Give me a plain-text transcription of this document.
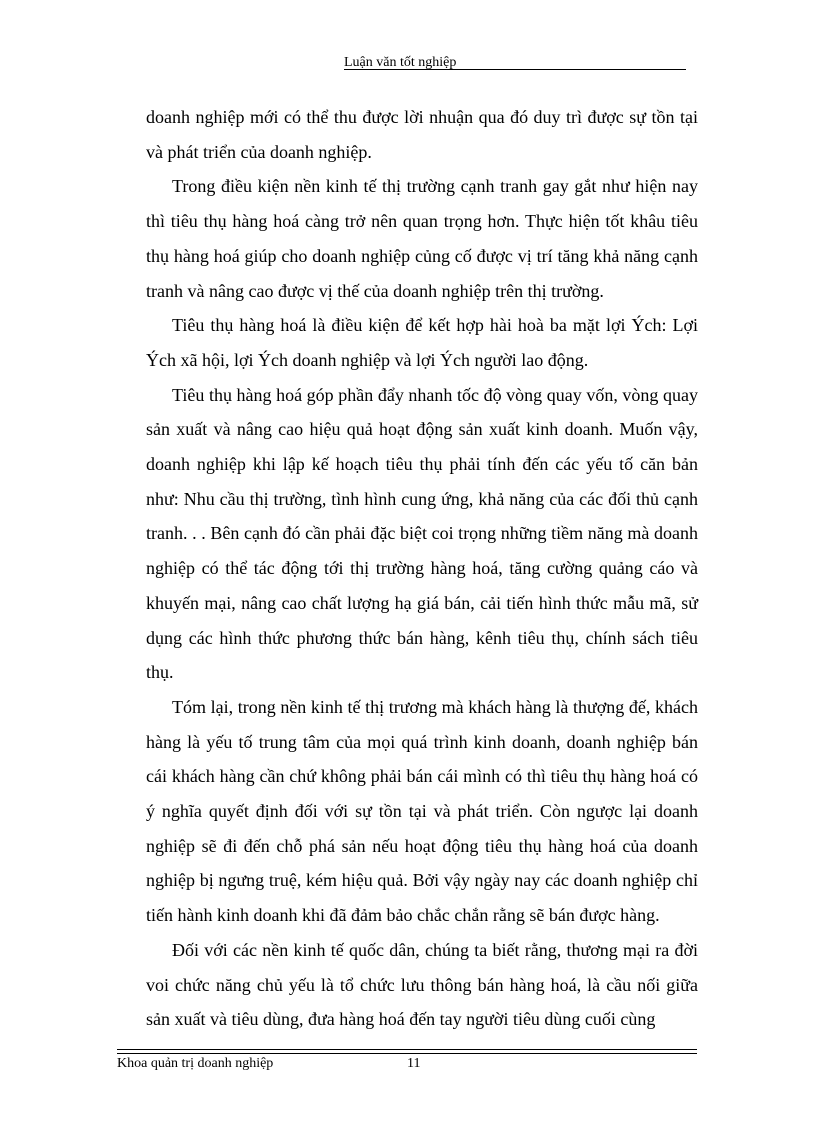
Luận văn tốt nghiệp

doanh nghiệp mới có thể thu được lời nhuận qua đó duy trì được sự tồn tại và phát triển của doanh nghiệp.

Trong điều kiện nền kinh tế thị trường cạnh tranh gay gắt như hiện nay thì tiêu thụ hàng hoá càng trở nên quan trọng hơn. Thực hiện tốt khâu tiêu thụ hàng hoá giúp cho doanh nghiệp củng cố được vị trí tăng khả năng cạnh tranh và nâng cao được vị thế của doanh nghiệp trên thị trường.

Tiêu thụ hàng hoá là điều kiện để kết hợp hài hoà ba mặt lợi Ých: Lợi Ých xã hội, lợi Ých doanh nghiệp và lợi Ých người lao động.

Tiêu thụ hàng hoá góp phần đẩy nhanh tốc độ vòng quay vốn, vòng quay sản xuất và nâng cao hiệu quả hoạt động sản xuất kinh doanh. Muốn vậy, doanh nghiệp khi lập kế hoạch tiêu thụ phải tính đến các yếu tố căn bản như: Nhu cầu thị trường, tình hình cung ứng, khả năng của các đối thủ cạnh tranh. . . Bên cạnh đó cần phải đặc biệt coi trọng những tiềm năng mà doanh nghiệp có thể tác động tới thị trường hàng hoá, tăng cường quảng cáo và khuyến mại, nâng cao chất lượng hạ giá bán, cải tiến hình thức mẫu mã, sử dụng các hình thức phương thức bán hàng, kênh tiêu thụ, chính sách tiêu thụ.

Tóm lại, trong nền kinh tế thị trương mà khách hàng là thượng đế, khách hàng là yếu tố trung tâm của mọi quá trình kinh doanh, doanh nghiệp bán cái khách hàng cần chứ không phải bán cái mình có thì tiêu thụ hàng hoá có ý nghĩa quyết định đối với sự tồn tại và phát triển. Còn ngược lại doanh nghiệp sẽ đi đến chỗ phá sản nếu hoạt động tiêu thụ hàng hoá của doanh nghiệp bị ngưng truệ, kém hiệu quả. Bởi vậy ngày nay các doanh nghiệp chỉ tiến hành kinh doanh khi đã đảm bảo chắc chắn rằng sẽ bán được hàng.

Đối với các nền kinh tế quốc dân, chúng ta biết rằng, thương mại ra đời voi chức năng chủ yếu là tổ chức lưu thông bán hàng hoá, là cầu nối giữa sản xuất và tiêu dùng, đưa hàng hoá đến tay người tiêu dùng cuối cùng

Khoa quản trị doanh nghiệp	11
